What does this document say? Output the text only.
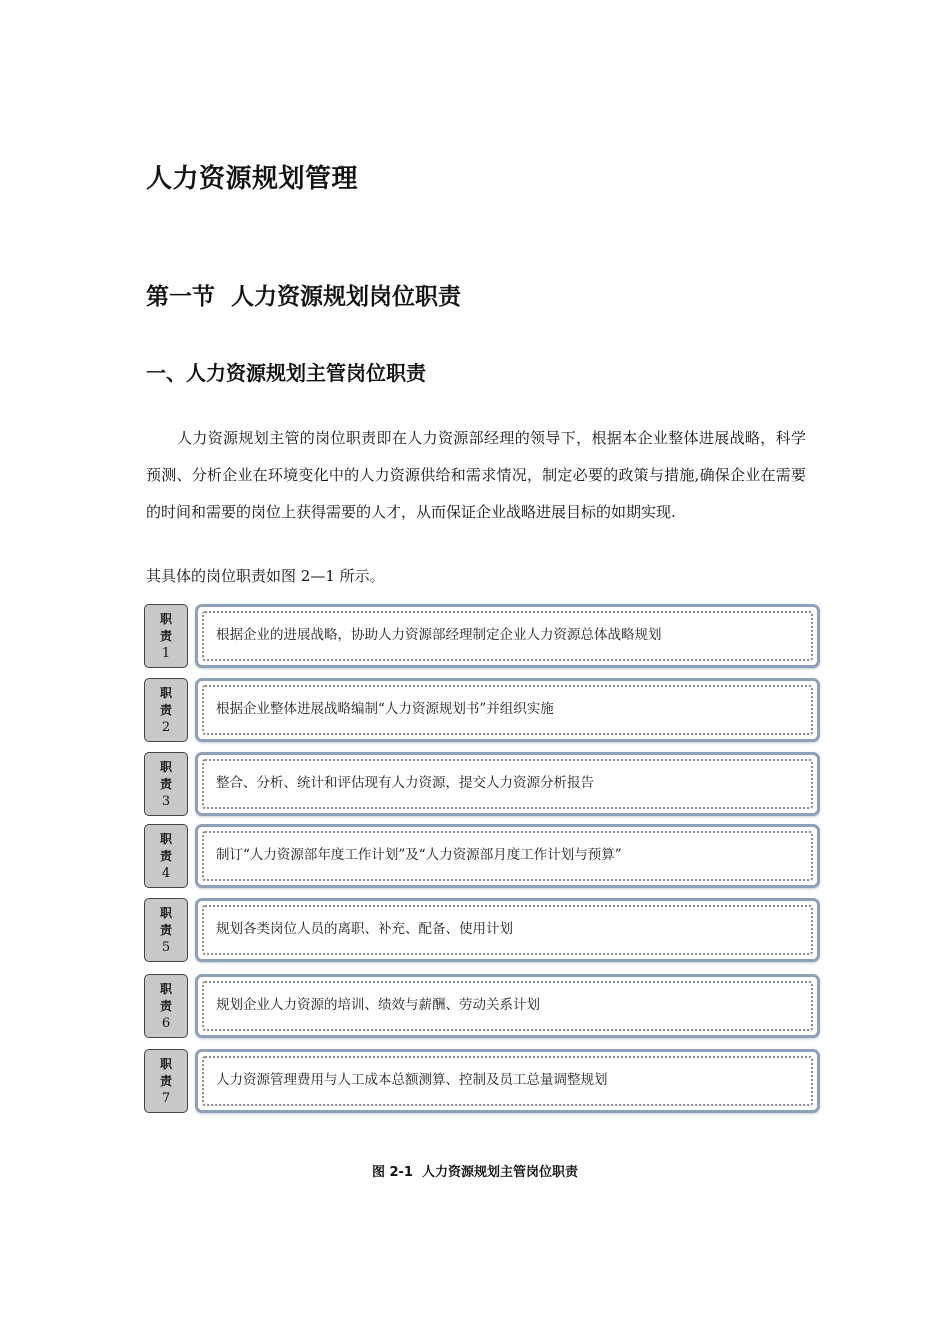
人力资源规划管理
第一节  人力资源规划岗位职责
一、人力资源规划主管岗位职责

人力资源规划主管的岗位职责即在人力资源部经理的领导下，根据本企业整体进展战略，科学预测、分析企业在环境变化中的人力资源供给和需求情况，制定必要的政策与措施,确保企业在需要的时间和需要的岗位上获得需要的人才，从而保证企业战略进展目标的如期实现.

其具体的岗位职责如图 2—1 所示。
职
责
1
根据企业的进展战略，协助人力资源部经理制定企业人力资源总体战略规划
职
责
2
根据企业整体进展战略编制“人力资源规划书”并组织实施
职
责
3
整合、分析、统计和评估现有人力资源，提交人力资源分析报告
职
责
4
制订“人力资源部年度工作计划”及“人力资源部月度工作计划与预算”
职
责
5
规划各类岗位人员的离职、补充、配备、使用计划
职
责
6
规划企业人力资源的培训、绩效与薪酬、劳动关系计划
职
责
7
人力资源管理费用与人工成本总额测算、控制及员工总量调整规划
图 2-1  人力资源规划主管岗位职责
